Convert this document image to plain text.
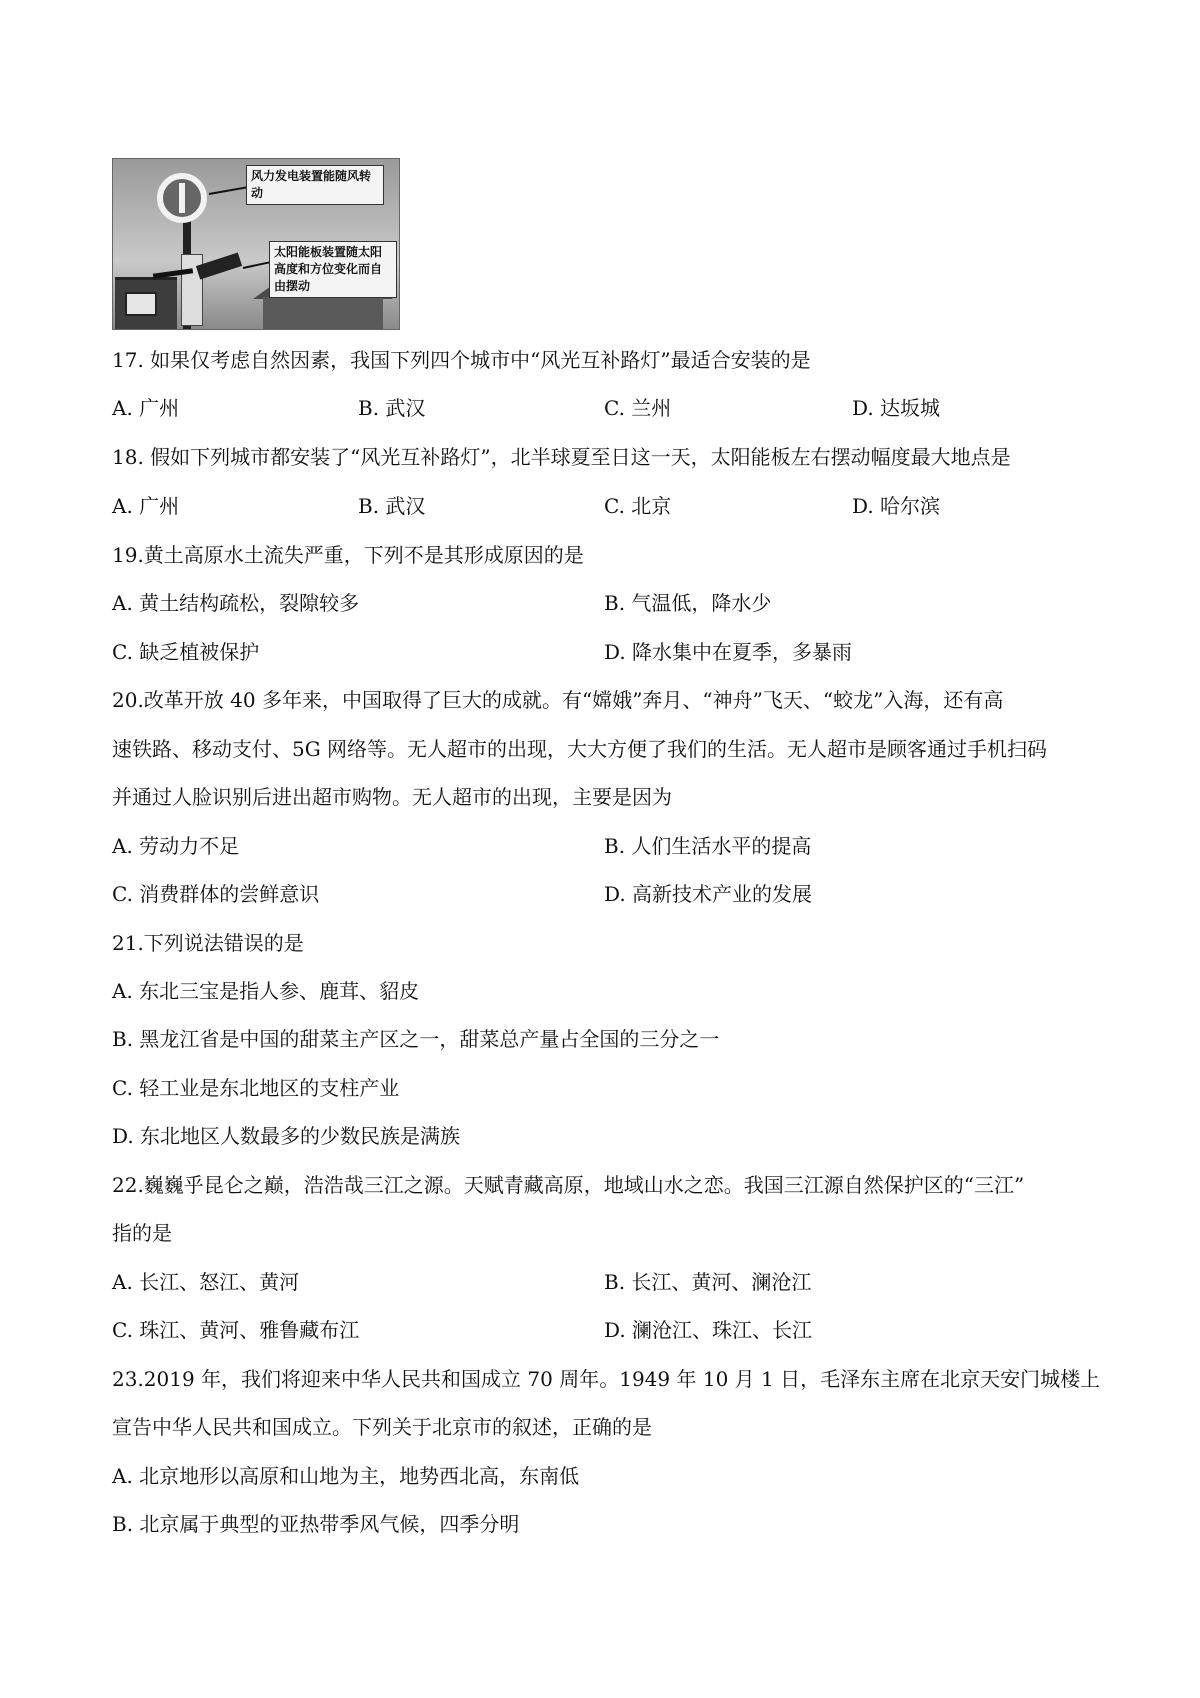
风力发电装置能随风转动
太阳能板装置随太阳高度和方位变化而自由摆动
17. 如果仅考虑自然因素，我国下列四个城市中“风光互补路灯”最适合安装的是
A. 广州	B. 武汉	C. 兰州	D. 达坂城
18. 假如下列城市都安装了“风光互补路灯”，北半球夏至日这一天，太阳能板左右摆动幅度最大地点是
A. 广州	B. 武汉	C. 北京	D. 哈尔滨
19.黄土高原水土流失严重，下列不是其形成原因的是
A. 黄土结构疏松，裂隙较多	B. 气温低，降水少
C. 缺乏植被保护	D. 降水集中在夏季，多暴雨
20.改革开放 40 多年来，中国取得了巨大的成就。有“嫦娥”奔月、“神舟”飞天、“蛟龙”入海，还有高
速铁路、移动支付、5G 网络等。无人超市的出现，大大方便了我们的生活。无人超市是顾客通过手机扫码
并通过人脸识别后进出超市购物。无人超市的出现，主要是因为
A. 劳动力不足	B. 人们生活水平的提高
C. 消费群体的尝鲜意识	D. 高新技术产业的发展
21.下列说法错误的是
A. 东北三宝是指人参、鹿茸、貂皮
B. 黑龙江省是中国的甜菜主产区之一，甜菜总产量占全国的三分之一
C. 轻工业是东北地区的支柱产业
D. 东北地区人数最多的少数民族是满族
22.巍巍乎昆仑之巅，浩浩哉三江之源。天赋青藏高原，地域山水之恋。我国三江源自然保护区的“三江”
指的是
A. 长江、怒江、黄河	B. 长江、黄河、澜沧江
C. 珠江、黄河、雅鲁藏布江	D. 澜沧江、珠江、长江
23.2019 年，我们将迎来中华人民共和国成立 70 周年。1949 年 10 月 1 日，毛泽东主席在北京天安门城楼上
宣告中华人民共和国成立。下列关于北京市的叙述，正确的是
A. 北京地形以高原和山地为主，地势西北高，东南低
B. 北京属于典型的亚热带季风气候，四季分明
